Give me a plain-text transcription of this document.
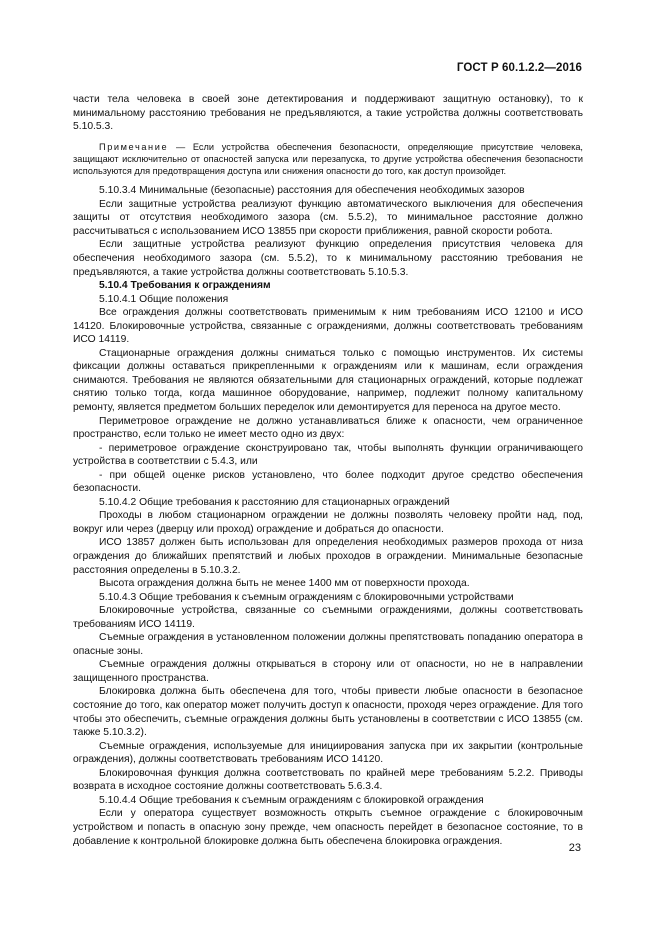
ГОСТ Р 60.1.2.2—2016

части тела человека в своей зоне детектирования и поддерживают защитную остановку), то к минимальному расстоянию требования не предъявляются, а такие устройства должны соответствовать 5.10.5.3.

Примечание — Если устройства обеспечения безопасности, определяющие присутствие человека, защищают исключительно от опасностей запуска или перезапуска, то другие устройства обеспечения безопасности используются для предотвращения доступа или снижения опасности до того, как доступ произойдет.

5.10.3.4 Минимальные (безопасные) расстояния для обеспечения необходимых зазоров

Если защитные устройства реализуют функцию автоматического выключения для обеспечения защиты от отсутствия необходимого зазора (см. 5.5.2), то минимальное расстояние должно рассчитываться с использованием ИСО 13855 при скорости приближения, равной скорости робота.

Если защитные устройства реализуют функцию определения присутствия человека для обеспечения необходимого зазора (см. 5.5.2), то к минимальному расстоянию требования не предъявляются, а такие устройства должны соответствовать 5.10.5.3.

5.10.4 Требования к ограждениям

5.10.4.1 Общие положения

Все ограждения должны соответствовать применимым к ним требованиям ИСО 12100 и ИСО 14120. Блокировочные устройства, связанные с ограждениями, должны соответствовать требованиям ИСО 14119.

Стационарные ограждения должны сниматься только с помощью инструментов. Их системы фиксации должны оставаться прикрепленными к ограждениям или к машинам, если ограждения снимаются. Требования не являются обязательными для стационарных ограждений, которые подлежат снятию только тогда, когда машинное оборудование, например, подлежит полному капитальному ремонту, является предметом больших переделок или демонтируется для переноса на другое место.

Периметровое ограждение не должно устанавливаться ближе к опасности, чем ограниченное пространство, если только не имеет место одно из двух:

- периметровое ограждение сконструировано так, чтобы выполнять функции ограничивающего устройства в соответствии с 5.4.3, или

- при общей оценке рисков установлено, что более подходит другое средство обеспечения безопасности.

5.10.4.2 Общие требования к расстоянию для стационарных ограждений

Проходы в любом стационарном ограждении не должны позволять человеку пройти над, под, вокруг или через (дверцу или проход) ограждение и добраться до опасности.

ИСО 13857 должен быть использован для определения необходимых размеров прохода от низа ограждения до ближайших препятствий и любых проходов в ограждении. Минимальные безопасные расстояния определены в 5.10.3.2.

Высота ограждения должна быть не менее 1400 мм от поверхности прохода.

5.10.4.3 Общие требования к съемным ограждениям с блокировочными устройствами

Блокировочные устройства, связанные со съемными ограждениями, должны соответствовать требованиям ИСО 14119.

Съемные ограждения в установленном положении должны препятствовать попаданию оператора в опасные зоны.

Съемные ограждения должны открываться в сторону или от опасности, но не в направлении защищенного пространства.

Блокировка должна быть обеспечена для того, чтобы привести любые опасности в безопасное состояние до того, как оператор может получить доступ к опасности, проходя через ограждение. Для того чтобы это обеспечить, съемные ограждения должны быть установлены в соответствии с ИСО 13855 (см. также 5.10.3.2).

Съемные ограждения, используемые для инициирования запуска при их закрытии (контрольные ограждения), должны соответствовать требованиям ИСО 14120.

Блокировочная функция должна соответствовать по крайней мере требованиям 5.2.2. Приводы возврата в исходное состояние должны соответствовать 5.6.3.4.

5.10.4.4 Общие требования к съемным ограждениям с блокировкой ограждения

Если у оператора существует возможность открыть съемное ограждение с блокировочным устройством и попасть в опасную зону прежде, чем опасность перейдет в безопасное состояние, то в добавление к контрольной блокировке должна быть обеспечена блокировка ограждения.

23
